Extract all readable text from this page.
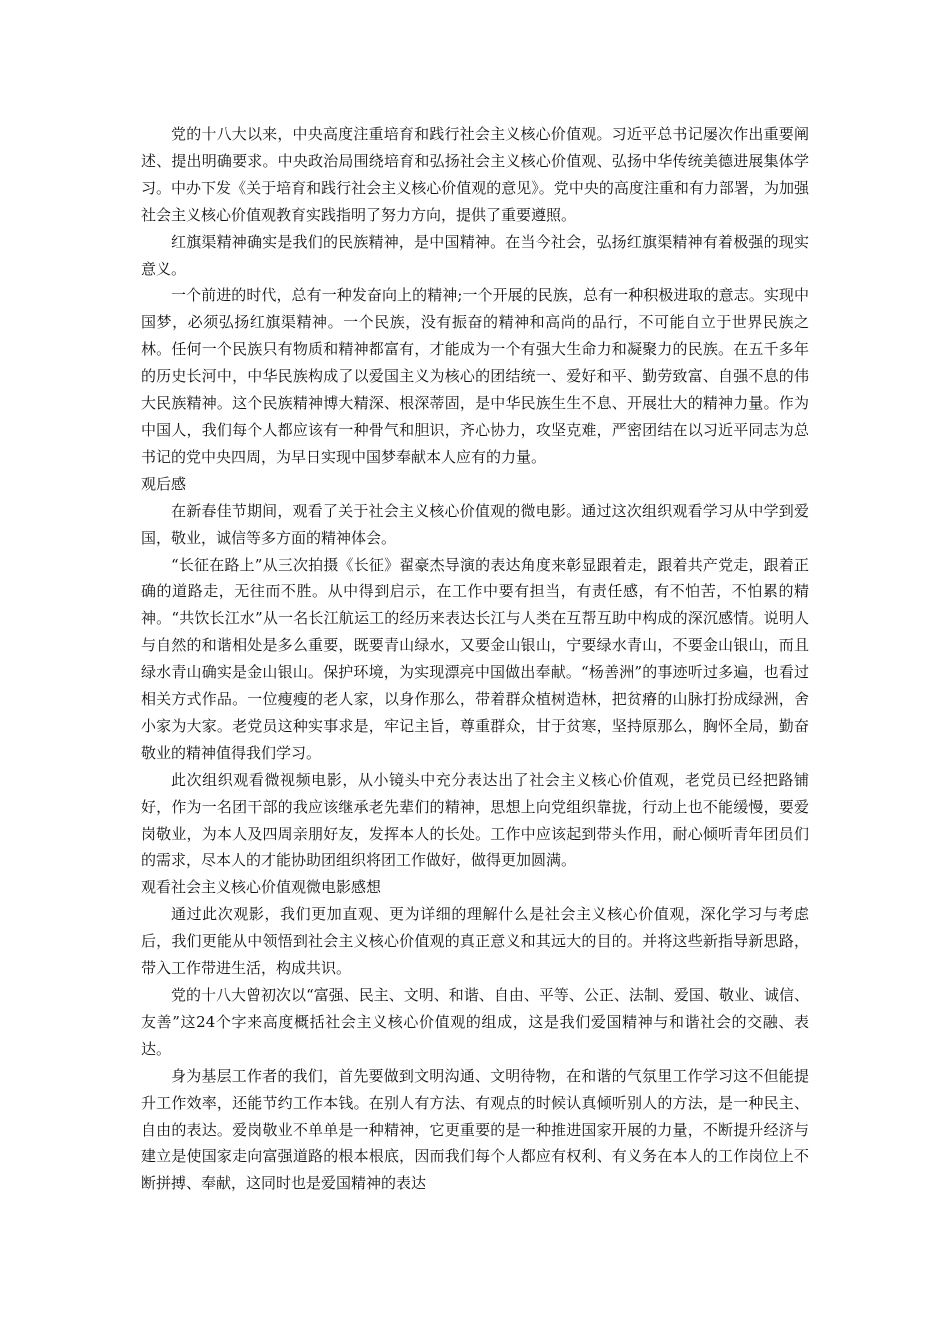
党的十八大以来，中央高度注重培育和践行社会主义核心价值观。习近平总书记屡次作出重要阐述、提出明确要求。中央政治局围绕培育和弘扬社会主义核心价值观、弘扬中华传统美德进展集体学习。中办下发《关于培育和践行社会主义核心价值观的意见》。党中央的高度注重和有力部署，为加强社会主义核心价值观教育实践指明了努力方向，提供了重要遵照。

红旗渠精神确实是我们的民族精神，是中国精神。在当今社会，弘扬红旗渠精神有着极强的现实意义。

一个前进的时代，总有一种发奋向上的精神;一个开展的民族，总有一种积极进取的意志。实现中国梦，必须弘扬红旗渠精神。一个民族，没有振奋的精神和高尚的品行，不可能自立于世界民族之林。任何一个民族只有物质和精神都富有，才能成为一个有强大生命力和凝聚力的民族。在五千多年的历史长河中，中华民族构成了以爱国主义为核心的团结统一、爱好和平、勤劳致富、自强不息的伟大民族精神。这个民族精神博大精深、根深蒂固，是中华民族生生不息、开展壮大的精神力量。作为中国人，我们每个人都应该有一种骨气和胆识，齐心协力，攻坚克难，严密团结在以习近平同志为总书记的党中央四周，为早日实现中国梦奉献本人应有的力量。

观后感

在新春佳节期间，观看了关于社会主义核心价值观的微电影。通过这次组织观看学习从中学到爱国，敬业，诚信等多方面的精神体会。

“长征在路上”从三次拍摄《长征》翟豪杰导演的表达角度来彰显跟着走，跟着共产党走，跟着正确的道路走，无往而不胜。从中得到启示，在工作中要有担当，有责任感，有不怕苦，不怕累的精神。“共饮长江水”从一名长江航运工的经历来表达长江与人类在互帮互助中构成的深沉感情。说明人与自然的和谐相处是多么重要，既要青山绿水，又要金山银山，宁要绿水青山，不要金山银山，而且绿水青山确实是金山银山。保护环境，为实现漂亮中国做出奉献。“杨善洲”的事迹听过多遍，也看过相关方式作品。一位瘦瘦的老人家，以身作那么，带着群众植树造林，把贫瘠的山脉打扮成绿洲，舍小家为大家。老党员这种实事求是，牢记主旨，尊重群众，甘于贫寒，坚持原那么，胸怀全局，勤奋敬业的精神值得我们学习。

此次组织观看微视频电影，从小镜头中充分表达出了社会主义核心价值观，老党员已经把路铺好，作为一名团干部的我应该继承老先辈们的精神，思想上向党组织靠拢，行动上也不能缓慢，要爱岗敬业，为本人及四周亲朋好友，发挥本人的长处。工作中应该起到带头作用，耐心倾听青年团员们的需求，尽本人的才能协助团组织将团工作做好，做得更加圆满。

观看社会主义核心价值观微电影感想

通过此次观影，我们更加直观、更为详细的理解什么是社会主义核心价值观，深化学习与考虑后，我们更能从中领悟到社会主义核心价值观的真正意义和其远大的目的。并将这些新指导新思路，带入工作带进生活，构成共识。

党的十八大曾初次以“富强、民主、文明、和谐、自由、平等、公正、法制、爱国、敬业、诚信、友善”这24个字来高度概括社会主义核心价值观的组成，这是我们爱国精神与和谐社会的交融、表达。

身为基层工作者的我们，首先要做到文明沟通、文明待物，在和谐的气氛里工作学习这不但能提升工作效率，还能节约工作本钱。在别人有方法、有观点的时候认真倾听别人的方法，是一种民主、自由的表达。爱岗敬业不单单是一种精神，它更重要的是一种推进国家开展的力量，不断提升经济与建立是使国家走向富强道路的根本根底，因而我们每个人都应有权利、有义务在本人的工作岗位上不断拼搏、奉献，这同时也是爱国精神的表达
